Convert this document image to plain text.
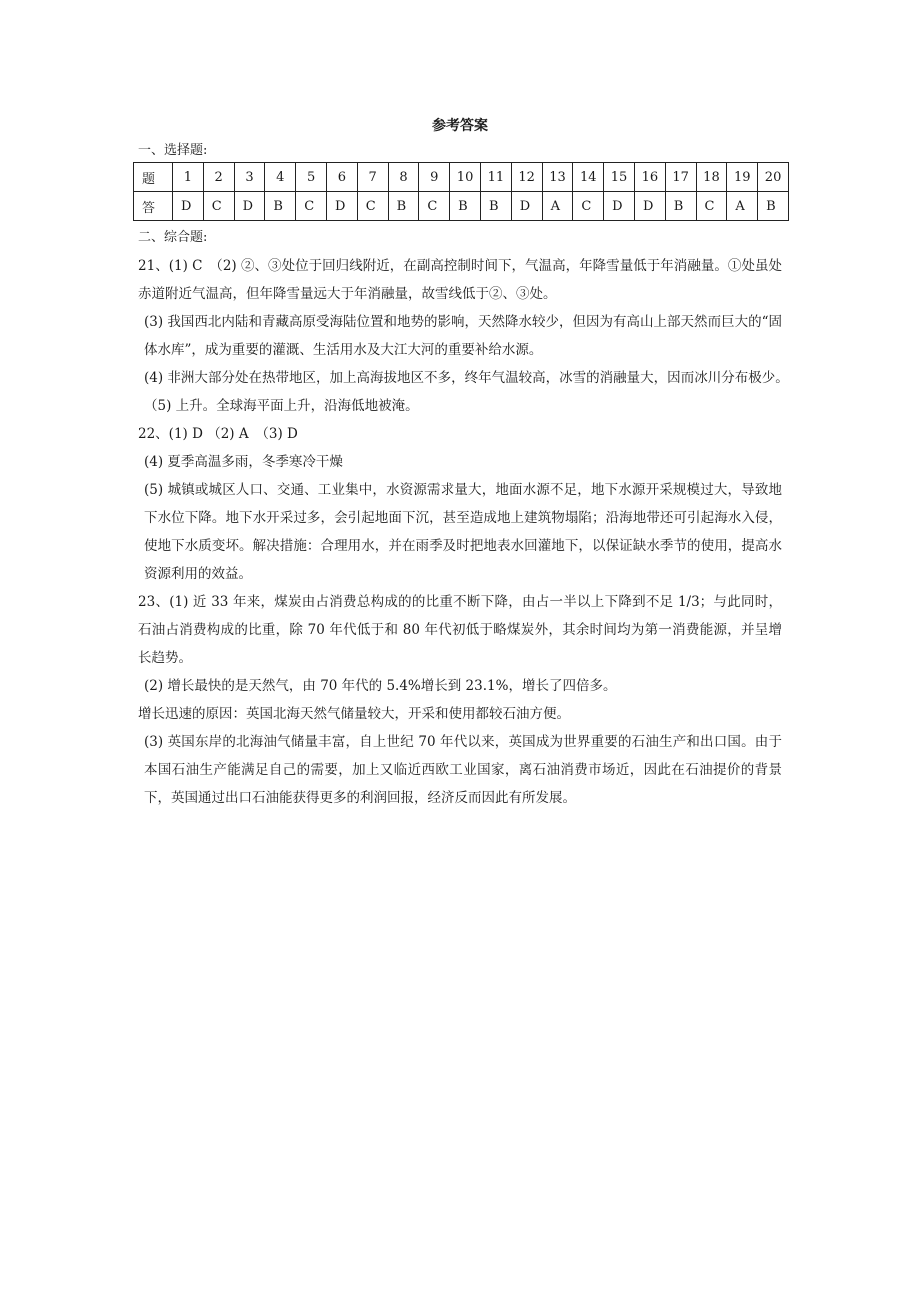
参考答案
一、选择题:
题	1	2	3	4	5	6	7	8	9	10	11	12	13	14	15	16	17	18	19	20
答	D	C	D	B	C	D	C	B	C	B	B	D	A	C	D	D	B	C	A	B
二、综合题:

21、(1) C　（2) ②、③处位于回归线附近，在副高控制时间下，气温高，年降雪量低于年消融量。①处虽处赤道附近气温高，但年降雪量远大于年消融量，故雪线低于②、③处。

(3) 我国西北内陆和青藏高原受海陆位置和地势的影响，天然降水较少，但因为有高山上部天然而巨大的“固体水库”，成为重要的灌溉、生活用水及大江大河的重要补给水源。

(4) 非洲大部分处在热带地区，加上高海拔地区不多，终年气温较高，冰雪的消融量大，因而冰川分布极少。　（5) 上升。全球海平面上升，沿海低地被淹。

22、(1) D （2) A　（3) D

(4) 夏季高温多雨，冬季寒冷干燥

(5) 城镇或城区人口、交通、工业集中，水资源需求量大，地面水源不足，地下水源开采规模过大，导致地下水位下降。地下水开采过多，会引起地面下沉，甚至造成地上建筑物塌陷；沿海地带还可引起海水入侵，使地下水质变坏。解决措施：合理用水，并在雨季及时把地表水回灌地下，以保证缺水季节的使用，提高水资源利用的效益。

23、(1) 近 33 年来，煤炭由占消费总构成的的比重不断下降，由占一半以上下降到不足 1/3；与此同时，石油占消费构成的比重，除 70 年代低于和 80 年代初低于略煤炭外，其余时间均为第一消费能源，并呈增长趋势。

(2) 增长最快的是天然气，由 70 年代的 5.4%增长到 23.1%，增长了四倍多。

增长迅速的原因：英国北海天然气储量较大，开采和使用都较石油方便。

(3) 英国东岸的北海油气储量丰富，自上世纪 70 年代以来，英国成为世界重要的石油生产和出口国。由于本国石油生产能满足自己的需要，加上又临近西欧工业国家，离石油消费市场近，因此在石油提价的背景下，英国通过出口石油能获得更多的利润回报，经济反而因此有所发展。
